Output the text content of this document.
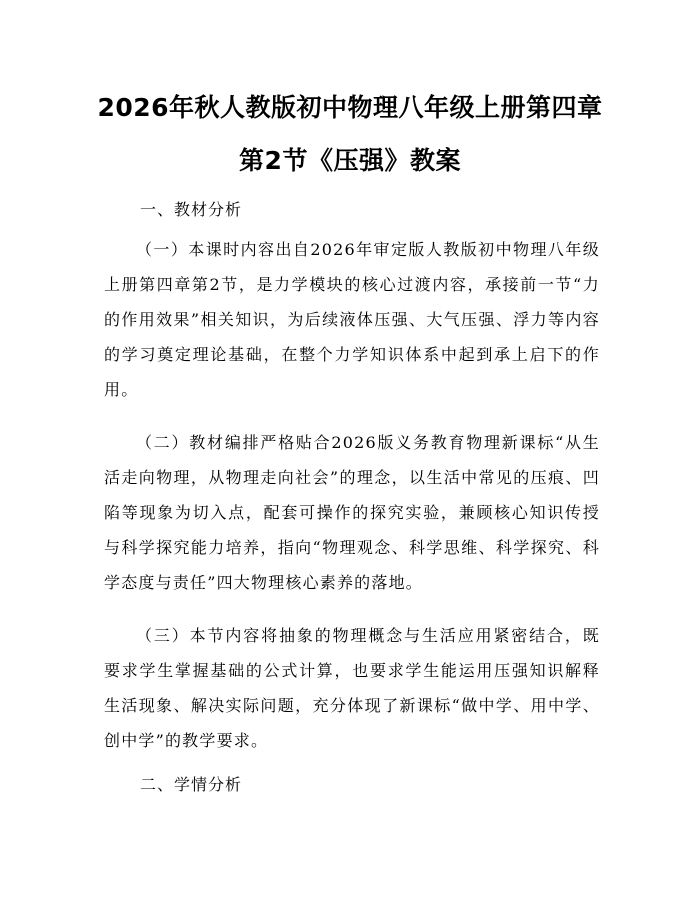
2026年秋人教版初中物理八年级上册第四章
第2节《压强》教案
一、教材分析
（一）本课时内容出自2026年审定版人教版初中物理八年级上册第四章第2节，是力学模块的核心过渡内容，承接前一节“力的作用效果”相关知识，为后续液体压强、大气压强、浮力等内容的学习奠定理论基础，在整个力学知识体系中起到承上启下的作用。
（二）教材编排严格贴合2026版义务教育物理新课标“从生活走向物理，从物理走向社会”的理念，以生活中常见的压痕、凹陷等现象为切入点，配套可操作的探究实验，兼顾核心知识传授与科学探究能力培养，指向“物理观念、科学思维、科学探究、科学态度与责任”四大物理核心素养的落地。
（三）本节内容将抽象的物理概念与生活应用紧密结合，既要求学生掌握基础的公式计算，也要求学生能运用压强知识解释生活现象、解决实际问题，充分体现了新课标“做中学、用中学、创中学”的教学要求。
二、学情分析
